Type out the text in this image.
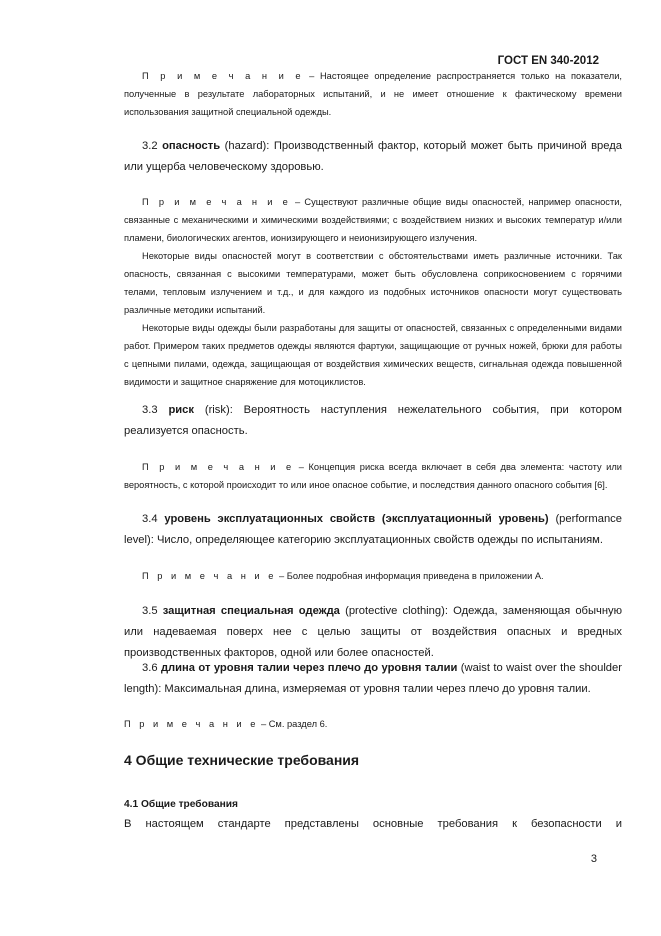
ГОСТ EN 340-2012

П р и м е ч а н и е – Настоящее определение распространяется только на показатели, полученные в результате лабораторных испытаний, и не имеет отношение к фактическому времени использования защитной специальной одежды.

3.2 опасность (hazard): Производственный фактор, который может быть причиной вреда или ущерба человеческому здоровью.

П р и м е ч а н и е – Существуют различные общие виды опасностей, например опасности, связанные с механическими и химическими воздействиями; с воздействием низких и высоких температур и/или пламени, биологических агентов, ионизирующего и неионизирующего излучения.

Некоторые виды опасностей могут в соответствии с обстоятельствами иметь различные источники. Так опасность, связанная с высокими температурами, может быть обусловлена соприкосновением с горячими телами, тепловым излучением и т.д., и для каждого из подобных источников опасности могут существовать различные методики испытаний.

Некоторые виды одежды были разработаны для защиты от опасностей, связанных с определенными видами работ. Примером таких предметов одежды являются фартуки, защищающие от ручных ножей, брюки для работы с цепными пилами, одежда, защищающая от воздействия химических веществ, сигнальная одежда повышенной видимости и защитное снаряжение для мотоциклистов.

3.3 риск (risk): Вероятность наступления нежелательного события, при котором реализуется опасность.

П р и м е ч а н и е – Концепция риска всегда включает в себя два элемента: частоту или вероятность, с которой происходит то или иное опасное событие, и последствия данного опасного события [6].

3.4 уровень эксплуатационных свойств (эксплуатационный уровень) (performance level): Число, определяющее категорию эксплуатационных свойств одежды по испытаниям.

П р и м е ч а н и е – Более подробная информация приведена в приложении А.

3.5 защитная специальная одежда (protective clothing): Одежда, заменяющая обычную или надеваемая поверх нее с целью защиты от воздействия опасных и вредных производственных факторов, одной или более опасностей.

3.6 длина от уровня талии через плечо до уровня талии (waist to waist over the shoulder length): Максимальная длина, измеряемая от уровня талии через плечо до уровня талии.

П р и м е ч а н и е – См. раздел 6.

4 Общие технические требования
4.1 Общие требования
В настоящем стандарте представлены основные требования к безопасности и
3
